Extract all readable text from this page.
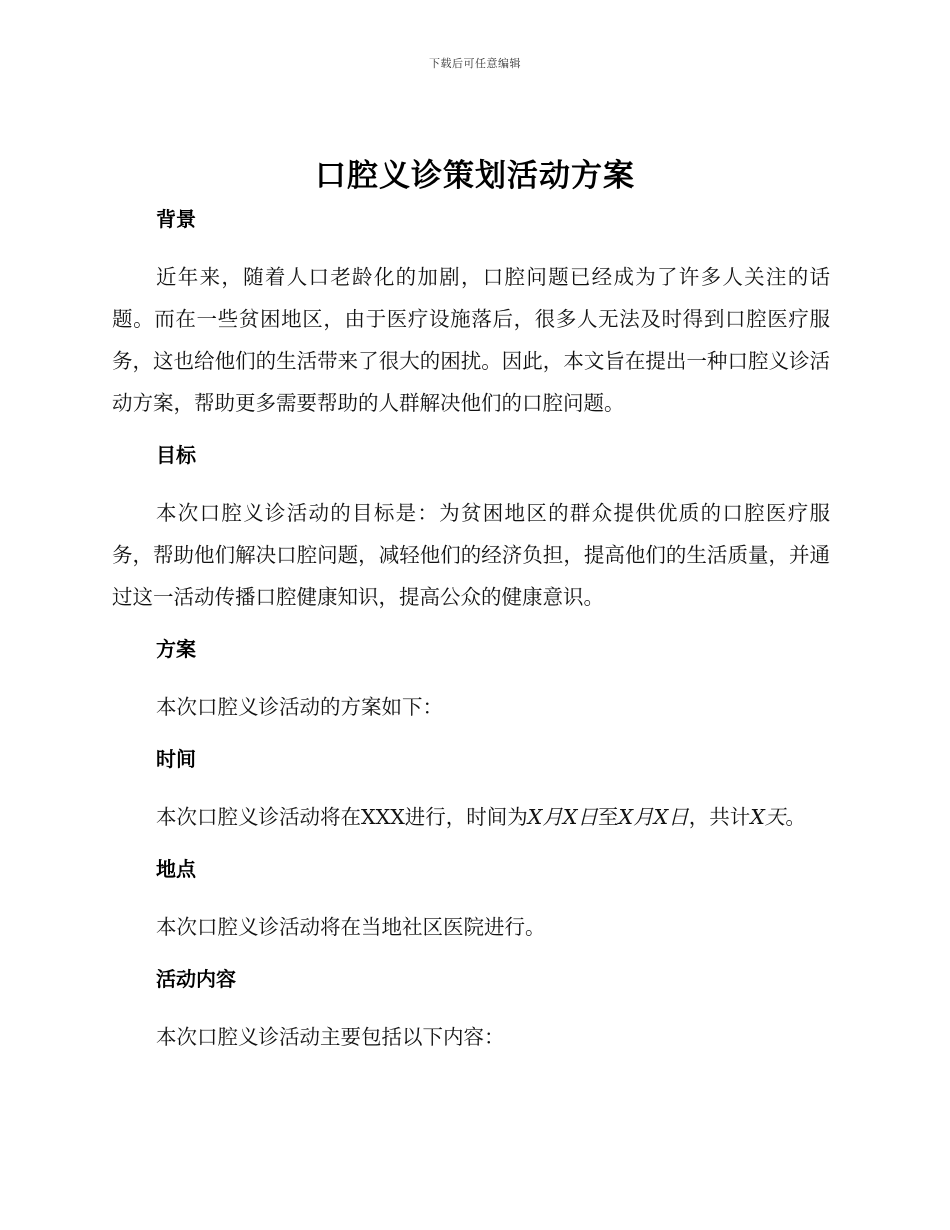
下载后可任意编辑
口腔义诊策划活动方案
背景

近年来，随着人口老龄化的加剧，口腔问题已经成为了许多人关注的话题。而在一些贫困地区，由于医疗设施落后，很多人无法及时得到口腔医疗服务，这也给他们的生活带来了很大的困扰。因此，本文旨在提出一种口腔义诊活动方案，帮助更多需要帮助的人群解决他们的口腔问题。

目标

本次口腔义诊活动的目标是：为贫困地区的群众提供优质的口腔医疗服务，帮助他们解决口腔问题，减轻他们的经济负担，提高他们的生活质量，并通过这一活动传播口腔健康知识，提高公众的健康意识。

方案

本次口腔义诊活动的方案如下：

时间

本次口腔义诊活动将在XXX进行，时间为X月X日至X月X日，共计X天。

地点

本次口腔义诊活动将在当地社区医院进行。

活动内容

本次口腔义诊活动主要包括以下内容：
